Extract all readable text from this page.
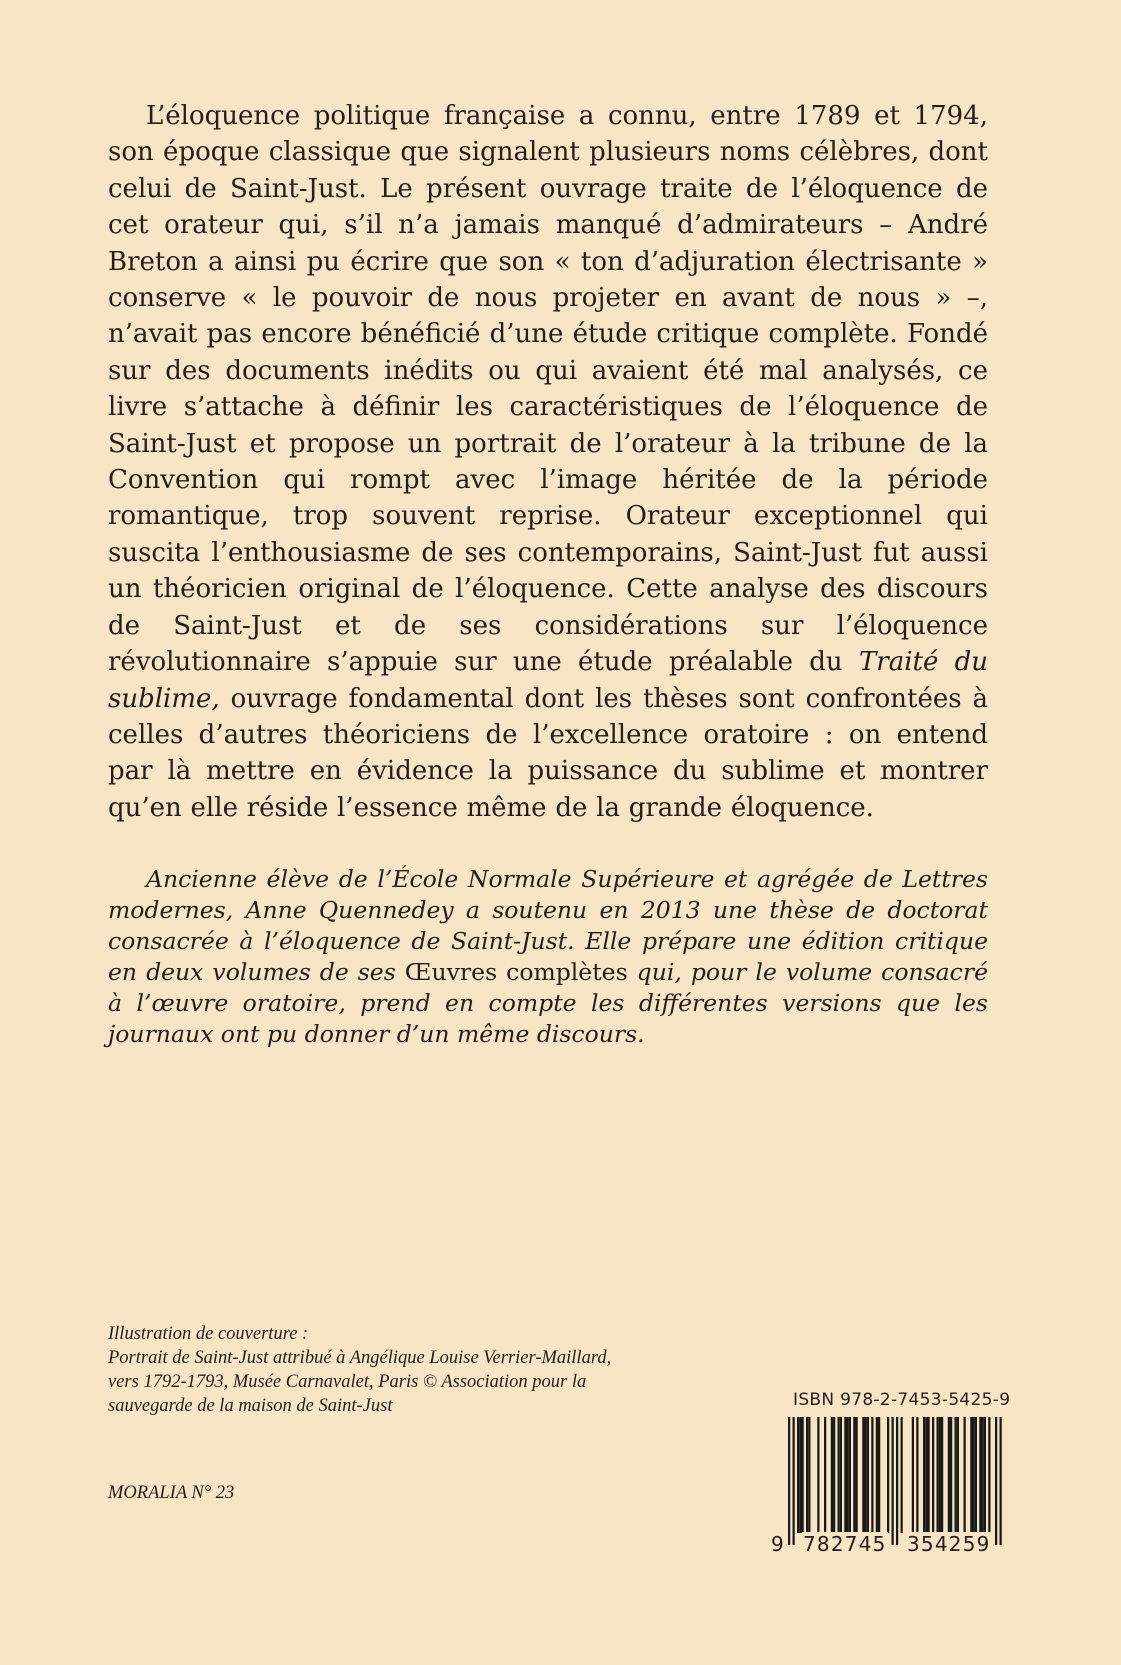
L’éloquence politique française a connu, entre 1789 et 1794, son époque classique que signalent plusieurs noms célèbres, dont celui de Saint-Just. Le présent ouvrage traite de l’éloquence de cet orateur qui, s’il n’a jamais manqué d’admirateurs – André Breton a ainsi pu écrire que son « ton d’adjuration électrisante » conserve « le pouvoir de nous projeter en avant de nous » –, n’avait pas encore bénéficié d’une étude critique complète. Fondé sur des documents inédits ou qui avaient été mal analysés, ce livre s’attache à définir les caractéristiques de l’éloquence de Saint-Just et propose un portrait de l’orateur à la tribune de la Convention qui rompt avec l’image héritée de la période romantique, trop souvent reprise. Orateur exceptionnel qui suscita l’enthousiasme de ses contemporains, Saint-Just fut aussi un théoricien original de l’éloquence. Cette analyse des discours de Saint-Just et de ses considérations sur l’éloquence révolutionnaire s’appuie sur une étude préalable du Traité du sublime, ouvrage fondamental dont les thèses sont confrontées à celles d’autres théoriciens de l’excellence oratoire : on entend par là mettre en évidence la puissance du sublime et montrer qu’en elle réside l’essence même de la grande éloquence.

Ancienne élève de l’École Normale Supérieure et agrégée de Lettres modernes, Anne Quennedey a soutenu en 2013 une thèse de doctorat consacrée à l’éloquence de Saint-Just. Elle prépare une édition critique en deux volumes de ses Œuvres complètes qui, pour le volume consacré à l’œuvre oratoire, prend en compte les différentes versions que les journaux ont pu donner d’un même discours.

Illustration de couverture :
Portrait de Saint-Just attribué à Angélique Louise Verrier-Maillard,
vers 1792-1793, Musée Carnavalet, Paris © Association pour la
sauvegarde de la maison de Saint-Just
MORALIA N° 23
ISBN 978-2-7453-5425-9
9 782745 354259
